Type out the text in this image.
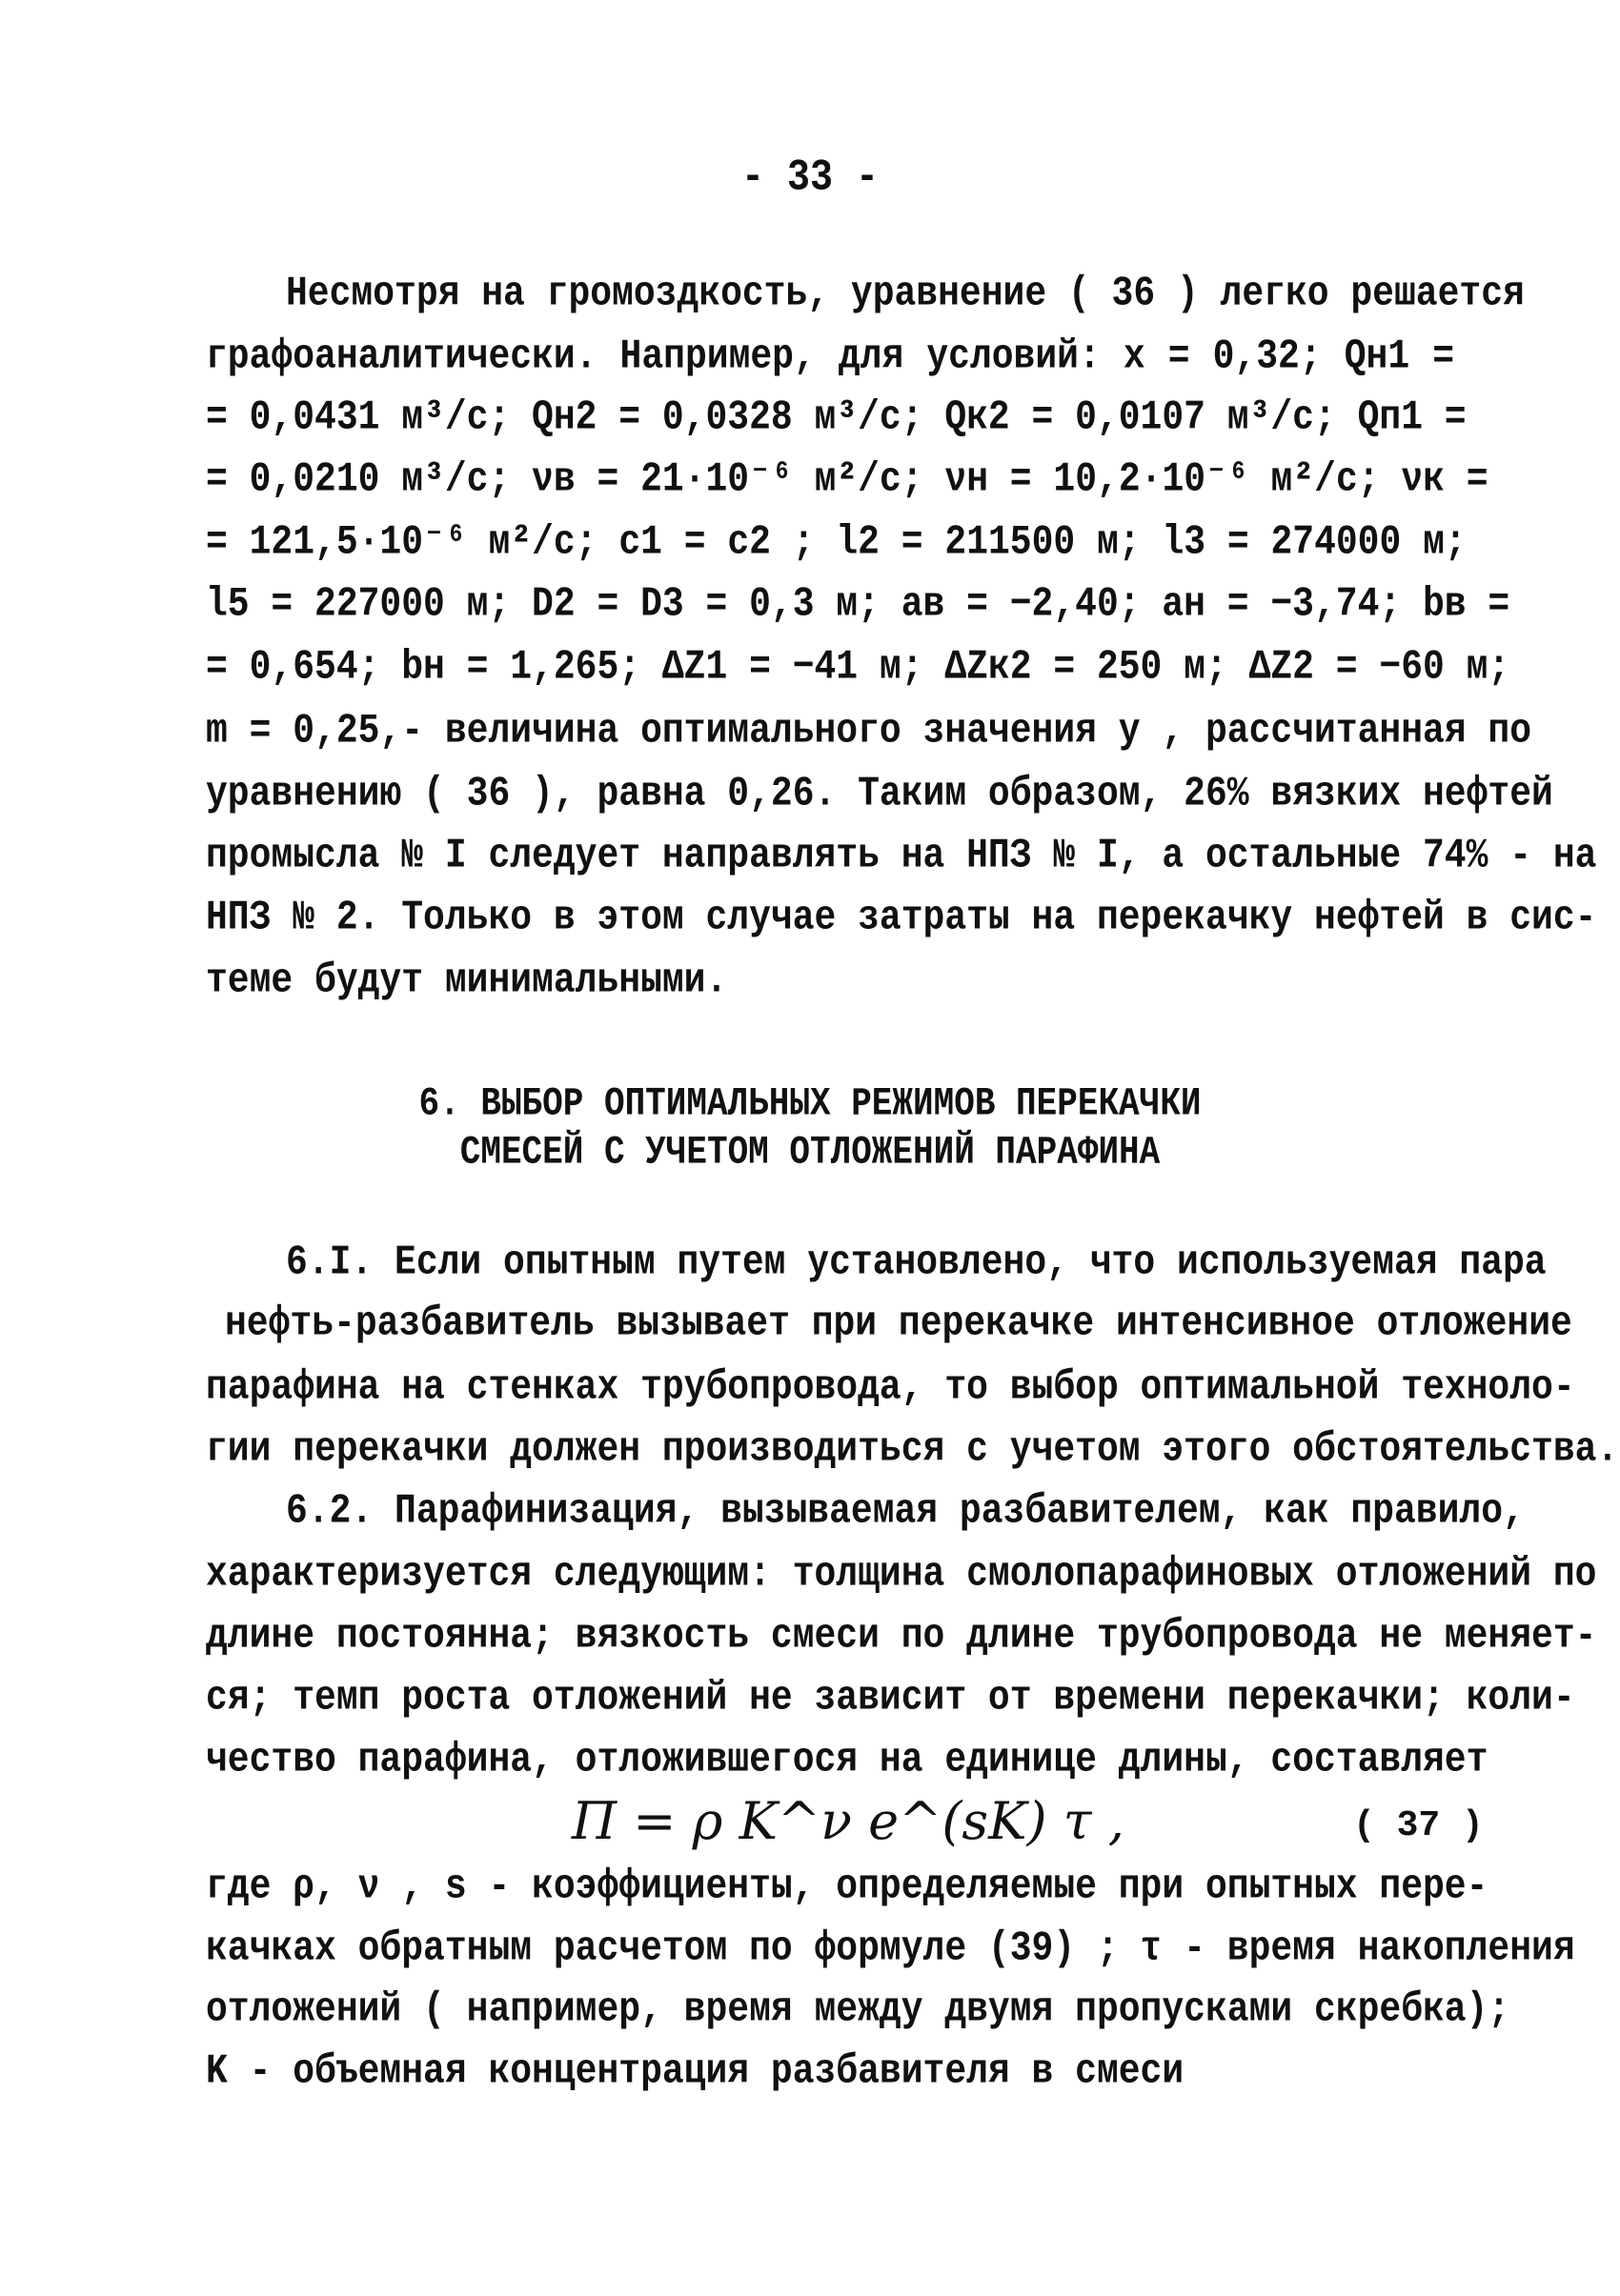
- 33 -
Несмотря на громоздкость, уравнение ( 36 ) легко решается
графоаналитически. Например, для условий: x = 0,32; Qн1 =
= 0,0431 м³/с; Qн2 = 0,0328 м³/с; Qк2 = 0,0107 м³/с; Qп1 =
= 0,0210 м³/с; νв = 21·10⁻⁶ м²/с; νн = 10,2·10⁻⁶ м²/с; νк =
= 121,5·10⁻⁶ м²/с; c1 = c2 ; l2 = 211500 м; l3 = 274000 м;
l5 = 227000 м; D2 = D3 = 0,3 м; aв = −2,40; aн = −3,74; bв =
= 0,654; bн = 1,265; ΔZ1 = −41 м; ΔZк2 = 250 м; ΔZ2 = −60 м;
m = 0,25,- величина оптимального значения y , рассчитанная по
уравнению ( 36 ), равна 0,26. Таким образом, 26% вязких нефтей
промысла № I следует направлять на НПЗ № I, а остальные 74% - на
НПЗ № 2. Только в этом случае затраты на перекачку нефтей в сис-
теме будут минимальными.
6. ВЫБОР ОПТИМАЛЬНЫХ РЕЖИМОВ ПЕРЕКАЧКИ
СМЕСЕЙ С УЧЕТОМ ОТЛОЖЕНИЙ ПАРАФИНА
6.I. Если опытным путем установлено, что используемая пара
нефть-разбавитель вызывает при перекачке интенсивное отложение
парафина на стенках трубопровода, то выбор оптимальной техноло-
гии перекачки должен производиться с учетом этого обстоятельства.
6.2. Парафинизация, вызываемая разбавителем, как правило,
характеризуется следующим: толщина смолопарафиновых отложений по
длине постоянна; вязкость смеси по длине трубопровода не меняет-
ся; темп роста отложений не зависит от времени перекачки; коли-
чество парафина, отложившегося на единице длины, составляет
Π = ρ K^ν e^(sK) τ ,	( 37 )
где ρ, ν , s - коэффициенты, определяемые при опытных пере-
качках обратным расчетом по формуле (39) ; τ - время накопления
отложений ( например, время между двумя пропусками скребка);
K - объемная концентрация разбавителя в смеси
